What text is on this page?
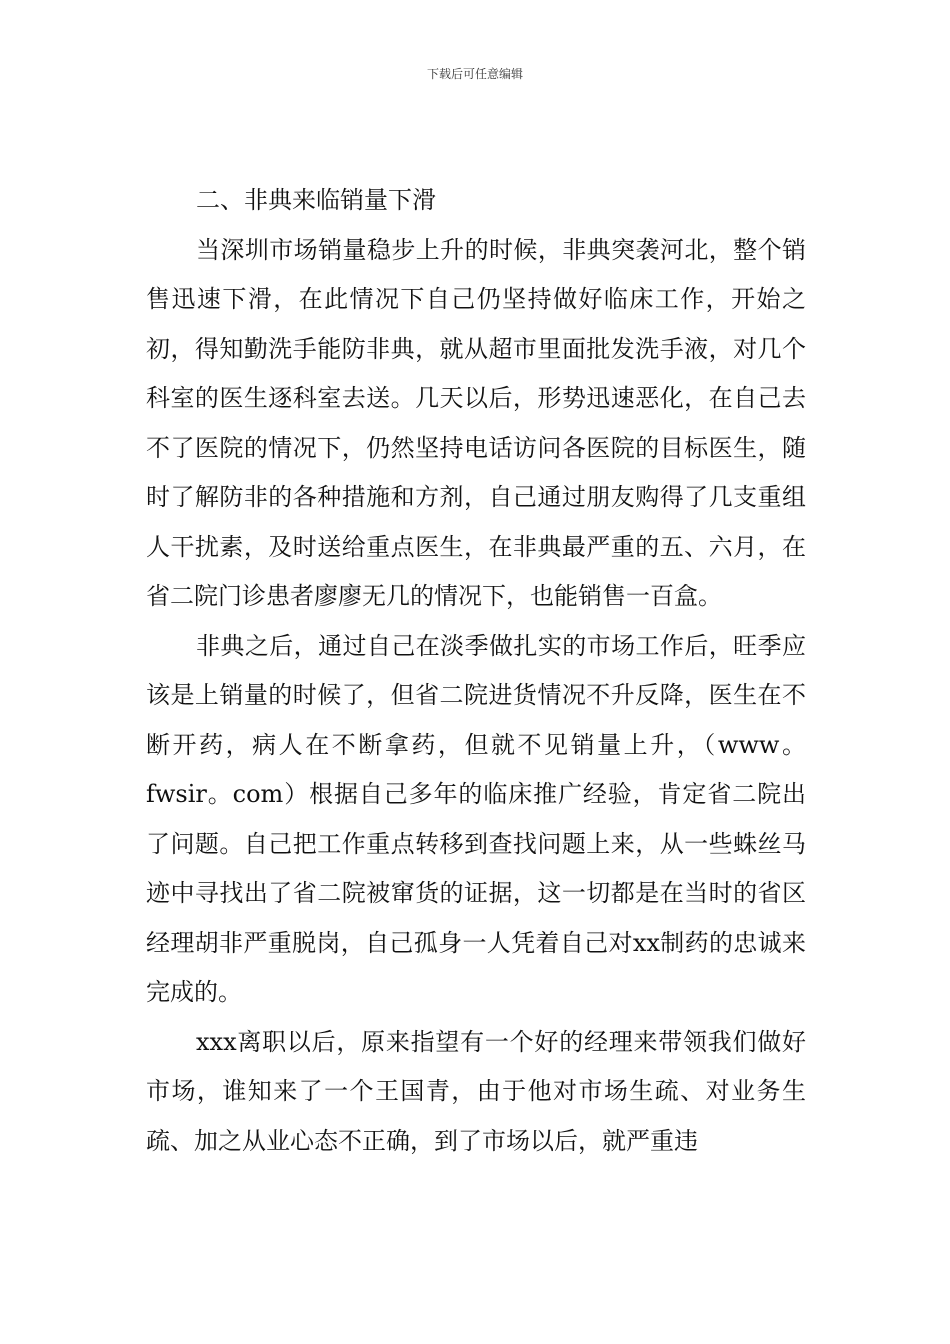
下载后可任意编辑
二、非典来临销量下滑

当深圳市场销量稳步上升的时候，非典突袭河北，整个销售迅速下滑，在此情况下自己仍坚持做好临床工作，开始之初，得知勤洗手能防非典，就从超市里面批发洗手液，对几个科室的医生逐科室去送。几天以后，形势迅速恶化，在自己去不了医院的情况下，仍然坚持电话访问各医院的目标医生，随时了解防非的各种措施和方剂，自己通过朋友购得了几支重组人干扰素，及时送给重点医生，在非典最严重的五、六月，在省二院门诊患者廖廖无几的情况下，也能销售一百盒。

非典之后，通过自己在淡季做扎实的市场工作后，旺季应该是上销量的时候了，但省二院进货情况不升反降，医生在不断开药，病人在不断拿药，但就不见销量上升，（www。fwsir。com）根据自己多年的临床推广经验，肯定省二院出了问题。自己把工作重点转移到查找问题上来，从一些蛛丝马迹中寻找出了省二院被窜货的证据，这一切都是在当时的省区经理胡非严重脱岗，自己孤身一人凭着自己对xx制药的忠诚来完成的。

xxx离职以后，原来指望有一个好的经理来带领我们做好市场，谁知来了一个王国青，由于他对市场生疏、对业务生疏、加之从业心态不正确，到了市场以后，就严重违
